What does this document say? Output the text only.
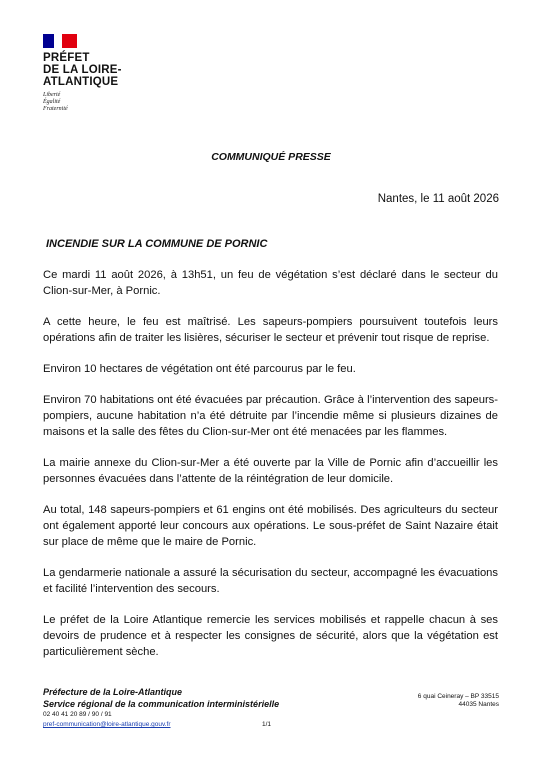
PRÉFET
DE LA LOIRE-
ATLANTIQUE
Liberté
Égalité
Fraternité
COMMUNIQUÉ PRESSE
Nantes, le 11 août 2026
INCENDIE SUR LA COMMUNE DE PORNIC

Ce mardi 11 août 2026, à 13h51, un feu de végétation s’est déclaré dans le secteur du Clion-sur-Mer, à Pornic.

A cette heure, le feu est maîtrisé. Les sapeurs-pompiers poursuivent toutefois leurs opérations afin de traiter les lisières, sécuriser le secteur et prévenir tout risque de reprise.

Environ 10 hectares de végétation ont été parcourus par le feu.

Environ 70 habitations ont été évacuées par précaution. Grâce à l’intervention des sapeurs-pompiers, aucune habitation n’a été détruite par l’incendie même si plusieurs dizaines de maisons et la salle des fêtes du Clion-sur-Mer ont été menacées par les flammes.

La mairie annexe du Clion-sur-Mer a été ouverte par la Ville de Pornic afin d’accueillir les personnes évacuées dans l’attente de la réintégration de leur domicile.

Au total, 148 sapeurs-pompiers et 61 engins ont été mobilisés. Des agriculteurs du secteur ont également apporté leur concours aux opérations. Le sous-préfet de Saint Nazaire était sur place de même que le maire de Pornic.

La gendarmerie nationale a assuré la sécurisation du secteur, accompagné les évacuations et facilité l’intervention des secours.

Le préfet de la Loire Atlantique remercie les services mobilisés et rappelle chacun à ses devoirs de prudence et à respecter les consignes de sécurité, alors que la végétation est particulièrement sèche.

Préfecture de la Loire-Atlantique
Service régional de la communication interministérielle
02 40 41 20 89 / 90 / 91
pref-communication@loire-atlantique.gouv.fr
6 quai Ceineray – BP 33515
44035 Nantes
1/1
